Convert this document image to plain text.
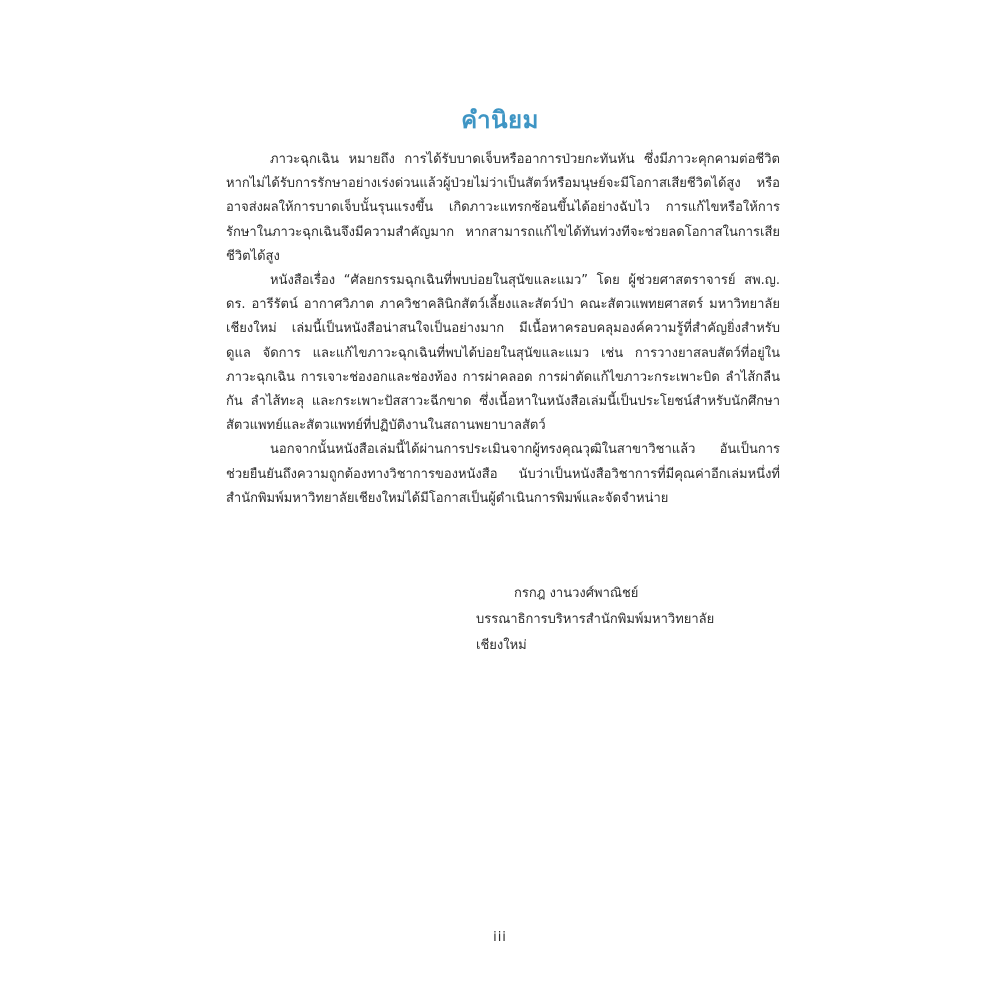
คำนิยม

ภาวะฉุกเฉิน หมายถึง การได้รับบาดเจ็บหรืออาการป่วยกะทันหัน ซึ่งมีภาวะคุกคามต่อชีวิต หากไม่ได้รับการรักษาอย่างเร่งด่วนแล้วผู้ป่วยไม่ว่าเป็นสัตว์หรือมนุษย์จะมีโอกาสเสียชีวิตได้สูง หรืออาจส่งผลให้การบาดเจ็บนั้นรุนแรงขึ้น เกิดภาวะแทรกซ้อนขึ้นได้อย่างฉับไว การแก้ไขหรือให้การรักษาในภาวะฉุกเฉินจึงมีความสำคัญมาก หากสามารถแก้ไขได้ทันท่วงทีจะช่วยลดโอกาสในการเสียชีวิตได้สูง

หนังสือเรื่อง “ศัลยกรรมฉุกเฉินที่พบบ่อยในสุนัขและแมว” โดย ผู้ช่วยศาสตราจารย์ สพ.ญ. ดร. อารีรัตน์ อากาศวิภาต ภาควิชาคลินิกสัตว์เลี้ยงและสัตว์ป่า คณะสัตวแพทยศาสตร์ มหาวิทยาลัยเชียงใหม่ เล่มนี้เป็นหนังสือน่าสนใจเป็นอย่างมาก มีเนื้อหาครอบคลุมองค์ความรู้ที่สำคัญยิ่งสำหรับดูแล จัดการ และแก้ไขภาวะฉุกเฉินที่พบได้บ่อยในสุนัขและแมว เช่น การวางยาสลบสัตว์ที่อยู่ในภาวะฉุกเฉิน การเจาะช่องอกและช่องท้อง การผ่าคลอด การผ่าตัดแก้ไขภาวะกระเพาะบิด ลำไส้กลืนกัน ลำไส้ทะลุ และกระเพาะปัสสาวะฉีกขาด ซึ่งเนื้อหาในหนังสือเล่มนี้เป็นประโยชน์สำหรับนักศึกษาสัตวแพทย์และสัตวแพทย์ที่ปฏิบัติงานในสถานพยาบาลสัตว์

นอกจากนั้นหนังสือเล่มนี้ได้ผ่านการประเมินจากผู้ทรงคุณวุฒิในสาขาวิชาแล้ว อันเป็นการช่วยยืนยันถึงความถูกต้องทางวิชาการของหนังสือ นับว่าเป็นหนังสือวิชาการที่มีคุณค่าอีกเล่มหนึ่งที่สำนักพิมพ์มหาวิทยาลัยเชียงใหม่ได้มีโอกาสเป็นผู้ดำเนินการพิมพ์และจัดจำหน่าย

กรกฎ งานวงศ์พาณิชย์
บรรณาธิการบริหารสำนักพิมพ์มหาวิทยาลัยเชียงใหม่
iii
